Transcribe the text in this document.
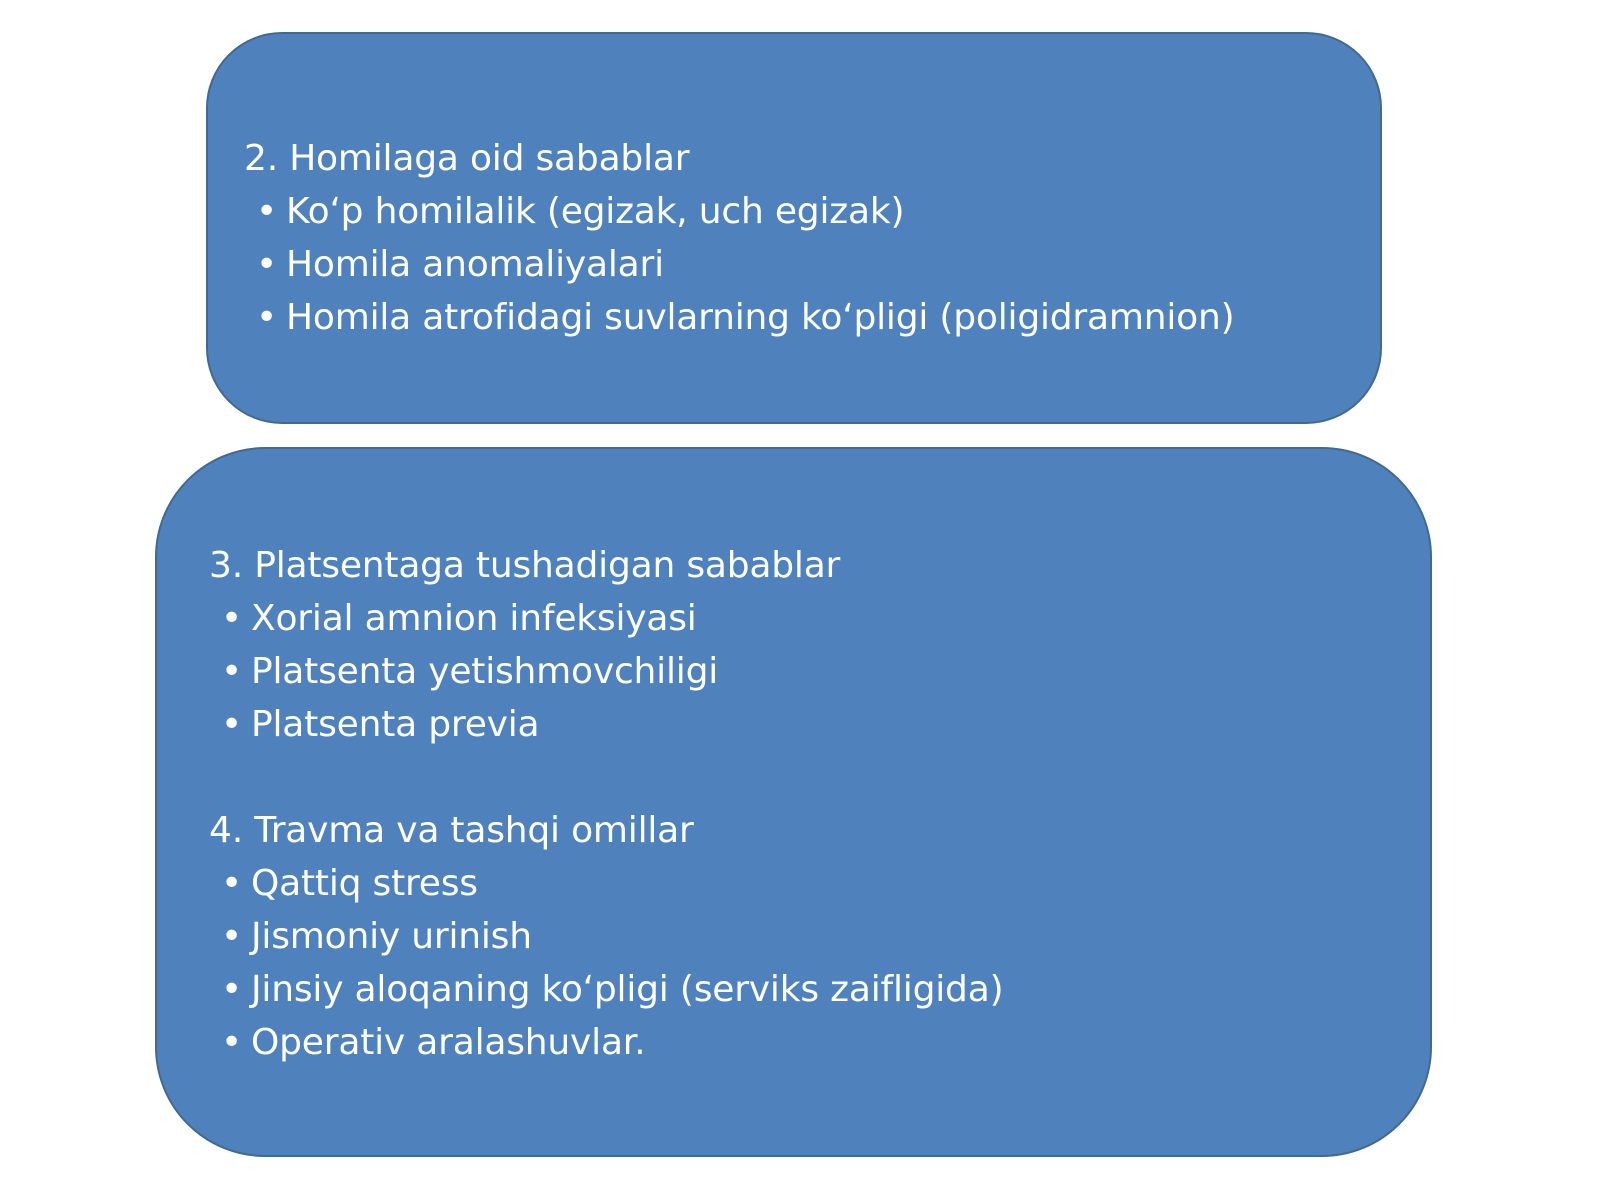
2. Homilaga oid sabablar
• Koʻp homilalik (egizak, uch egizak)
• Homila anomaliyalari
• Homila atrofidagi suvlarning koʻpligi (poligidramnion)
3. Platsentaga tushadigan sabablar
• Xorial amnion infeksiyasi
• Platsenta yetishmovchiligi
• Platsenta previa
4. Travma va tashqi omillar
• Qattiq stress
• Jismoniy urinish
• Jinsiy aloqaning koʻpligi (serviks zaifligida)
• Operativ aralashuvlar.
